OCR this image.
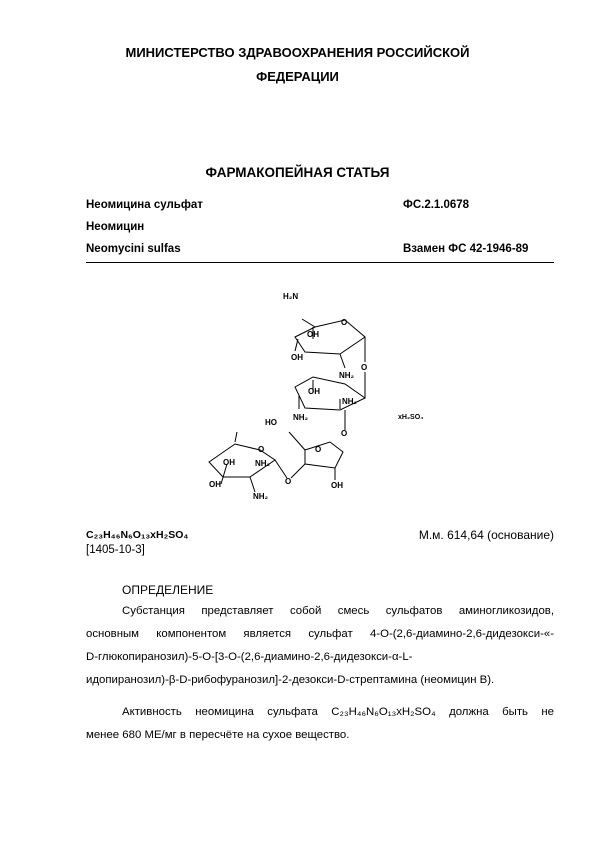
МИНИСТЕРСТВО ЗДРАВООХРАНЕНИЯ РОССИЙСКОЙ
ФЕДЕРАЦИИ
ФАРМАКОПЕЙНАЯ СТАТЬЯ
Неомицина сульфат	ФС.2.1.0678
Неомицин
Neomycini sulfas	Взамен ФС 42-1946-89
H₂N
OH
O
OH
NH₂
O
OH
NH₂
NH₂	xH₂SO₄
HO
O
O
OH
O
OH	NH₂
OH
NH₂
O
C₂₃H₄₆N₆O₁₃xH₂SO₄	М.м. 614,64 (основание)
[1405-10-3]
ОПРЕДЕЛЕНИЕ
Субстанция представляет собой смесь сульфатов аминогликозидов,
основным компонентом является сульфат 4-O-(2,6-диамино-2,6-дидезокси-«-
D-глюкопиранозил)-5-O-[3-O-(2,6-диамино-2,6-дидезокси-α-L-
идопиранозил)-β-D-рибофуранозил]-2-дезокси-D-стрептамина (неомицин B).
Активность неомицина сульфата C₂₃H₄₆N₆O₁₃xH₂SO₄ должна быть не
менее 680 МЕ/мг в пересчёте на сухое вещество.
